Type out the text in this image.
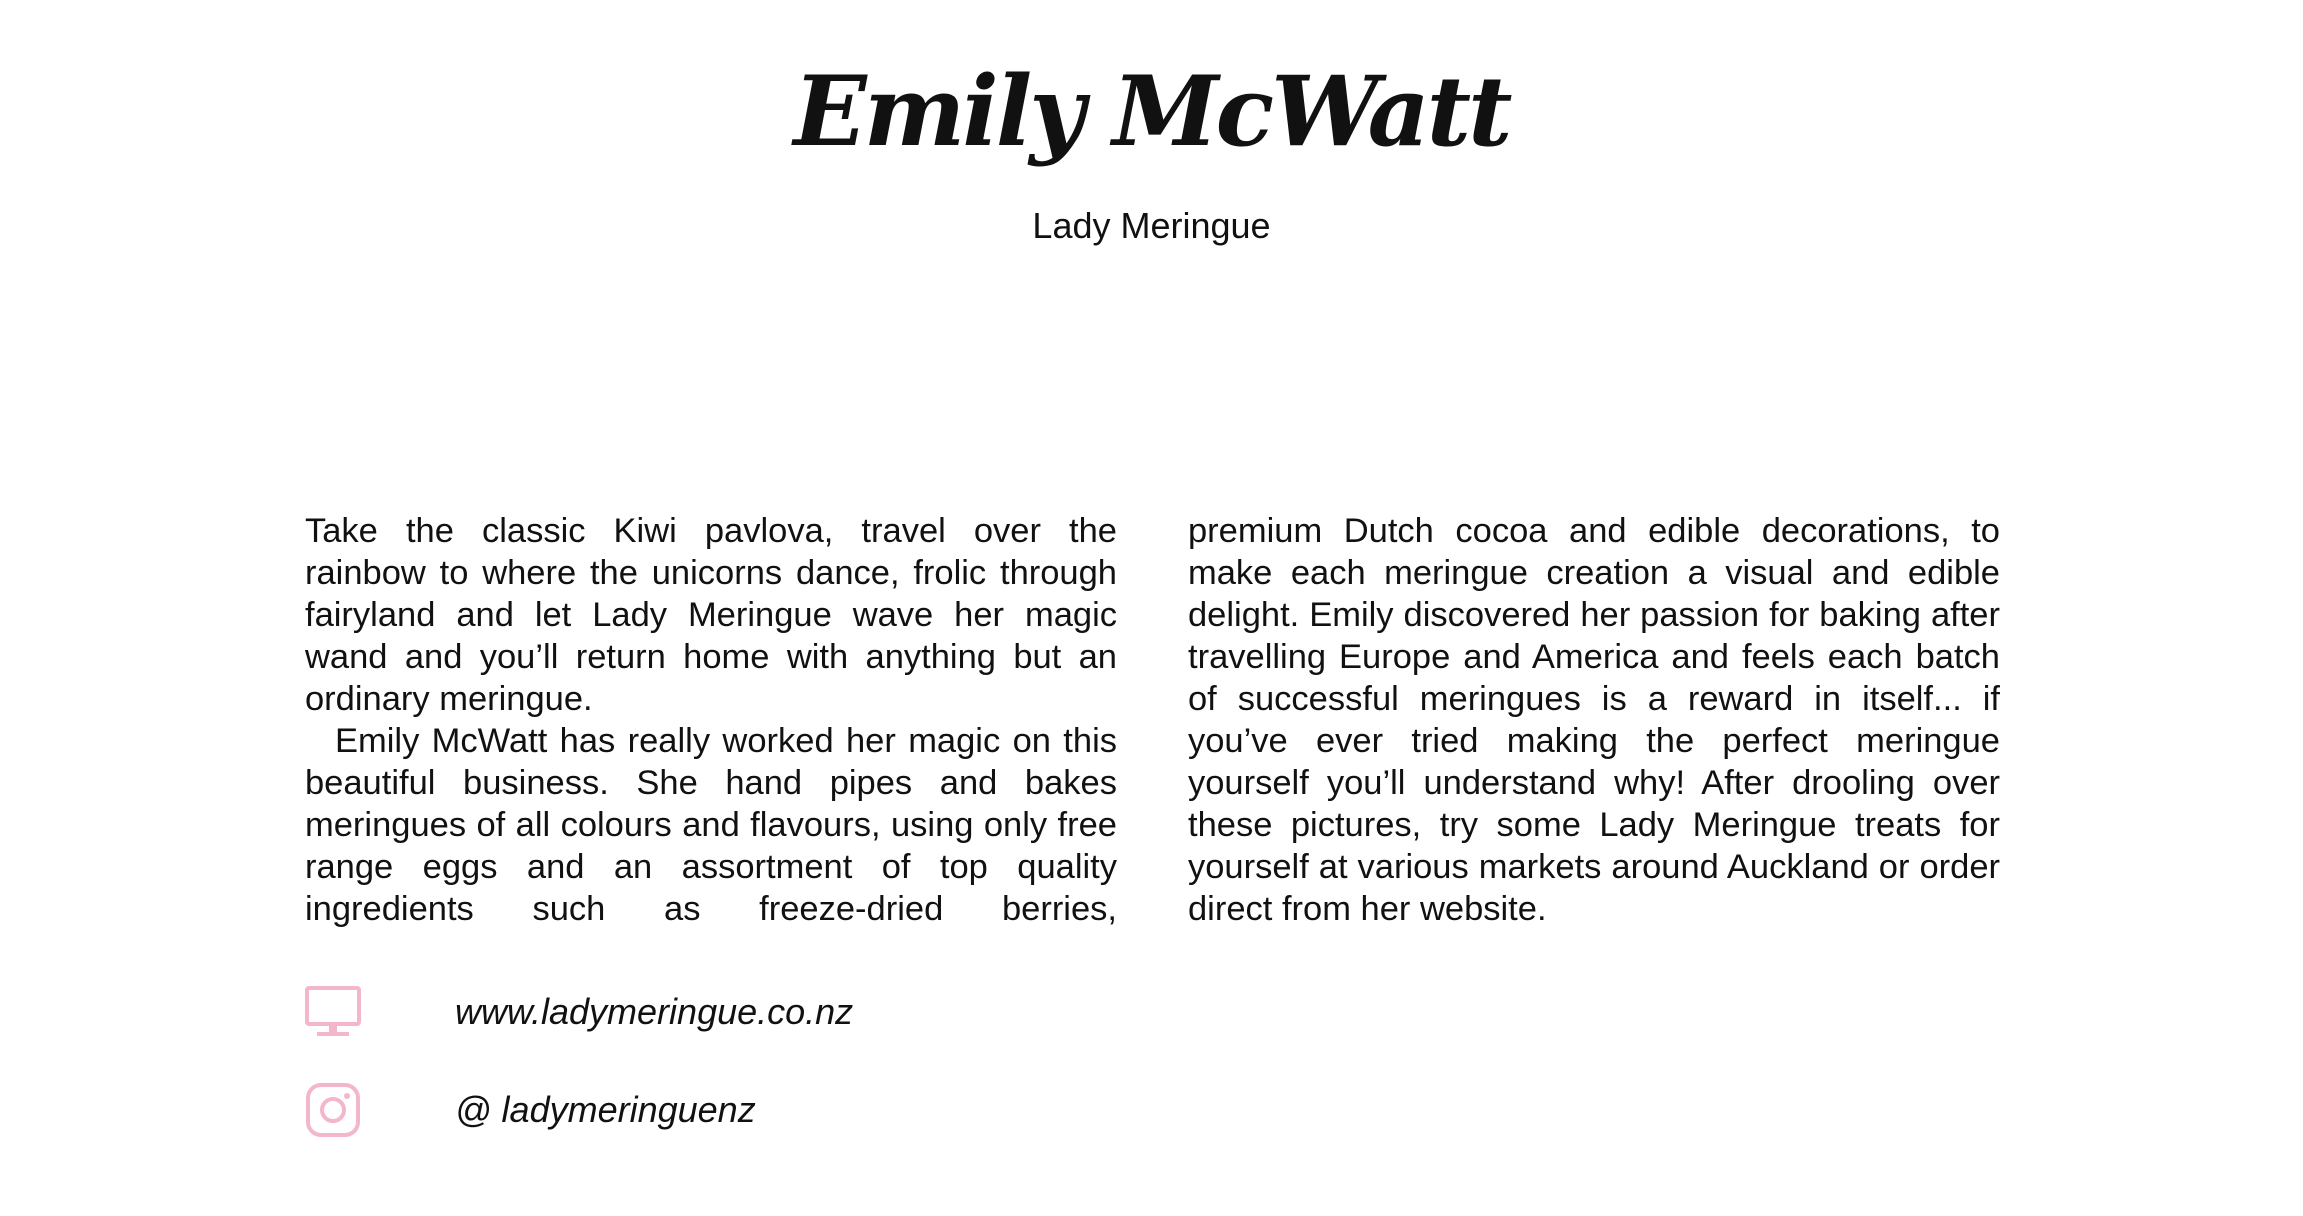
Emily McWatt
Lady Meringue

Take the classic Kiwi pavlova, travel over the rainbow to where the unicorns dance, frolic through fairyland and let Lady Meringue wave her magic wand and you’ll return home with anything but an ordinary meringue.

Emily McWatt has really worked her magic on this beautiful business. She hand pipes and bakes meringues of all colours and flavours, using only free range eggs and an assortment of top quality ingredients such as freeze-dried berries,

premium Dutch cocoa and edible decorations, to make each meringue creation a visual and edible delight. Emily discovered her passion for baking after travelling Europe and America and feels each batch of successful meringues is a reward in itself... if you’ve ever tried making the perfect meringue yourself you’ll understand why! After drooling over these pictures, try some Lady Meringue treats for yourself at various markets around Auckland or order direct from her website.

www.ladymeringue.co.nz
@ ladymeringuenz
